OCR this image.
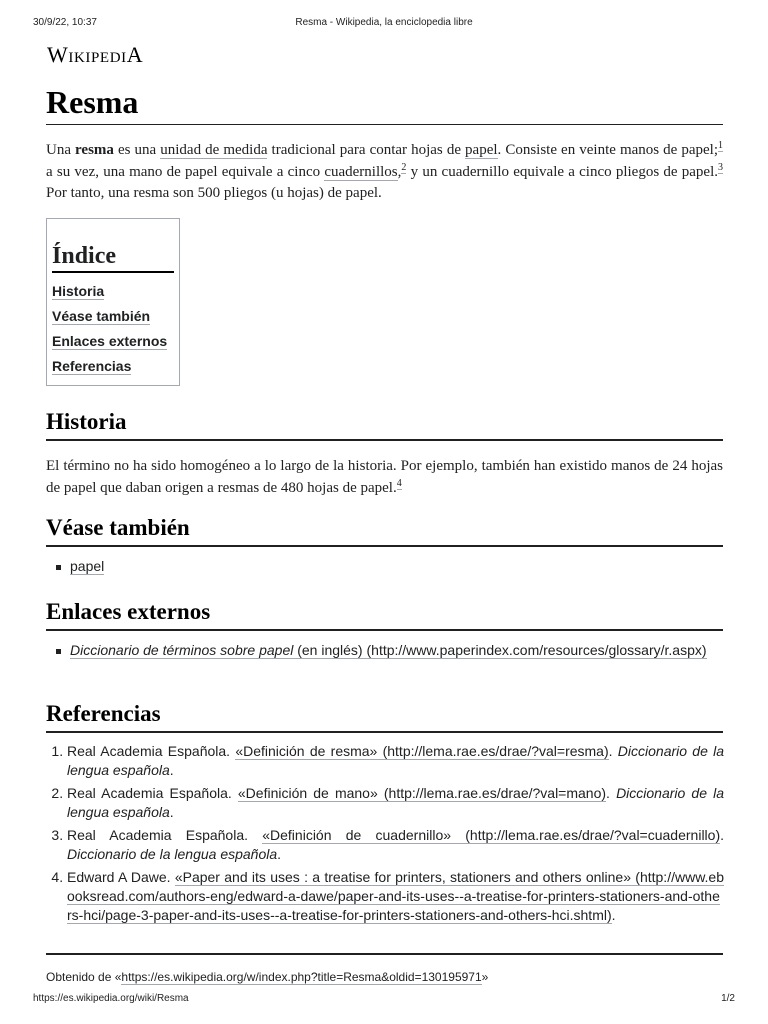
30/9/22, 10:37	Resma - Wikipedia, la enciclopedia libre
WikipediA
Resma

Una resma es una unidad de medida tradicional para contar hojas de papel. Consiste en veinte manos de papel;$^1$ a su vez, una mano de papel equivale a cinco cuadernillos,$^2$ y un cuadernillo equivale a cinco pliegos de papel.$^3$ Por tanto, una resma son 500 pliegos (u hojas) de papel.

Índice
Historia
Véase también
Enlaces externos
Referencias
Historia

El término no ha sido homogéneo a lo largo de la historia. Por ejemplo, también han existido manos de 24 hojas de papel que daban origen a resmas de 480 hojas de papel.$^4$

Véase también
papel
Enlaces externos
Diccionario de términos sobre papel (en inglés) (http://www.paperindex.com/resources/glossary/r.aspx)
Referencias
1. Real Academia Española. «Definición de resma» (http://lema.rae.es/drae/?val=resma). Diccionario de la lengua española.
2. Real Academia Española. «Definición de mano» (http://lema.rae.es/drae/?val=mano). Diccionario de la lengua española.
3. Real Academia Española. «Definición de cuadernillo» (http://lema.rae.es/drae/?val=cuadernillo). Diccionario de la lengua española.
4. Edward A Dawe. «Paper and its uses : a treatise for printers, stationers and others online» (http://www.ebooksread.com/authors-eng/edward-a-dawe/paper-and-its-uses--a-treatise-for-printers-stationers-and-others-hci/page-3-paper-and-its-uses--a-treatise-for-printers-stationers-and-others-hci.shtml).
Obtenido de «https://es.wikipedia.org/w/index.php?title=Resma&oldid=130195971»
https://es.wikipedia.org/wiki/Resma	1/2
